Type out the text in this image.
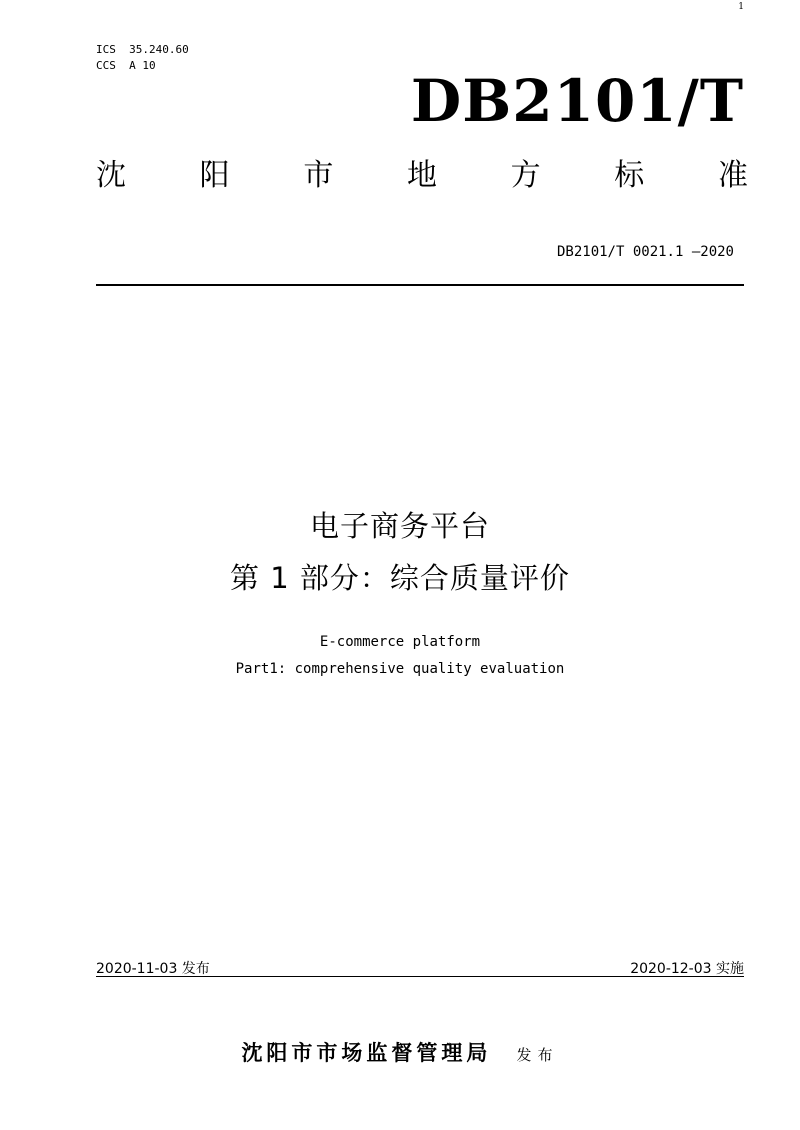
1
ICS  35.240.60
CCS  A 10
DB2101/T
沈 阳 市 地 方 标 准
DB2101/T 0021.1 —2020
电子商务平台
第 1 部分：综合质量评价
E-commerce platform
Part1: comprehensive quality evaluation
2020-11-03 发布	2020-12-03 实施
沈阳市市场监督管理局 发布
